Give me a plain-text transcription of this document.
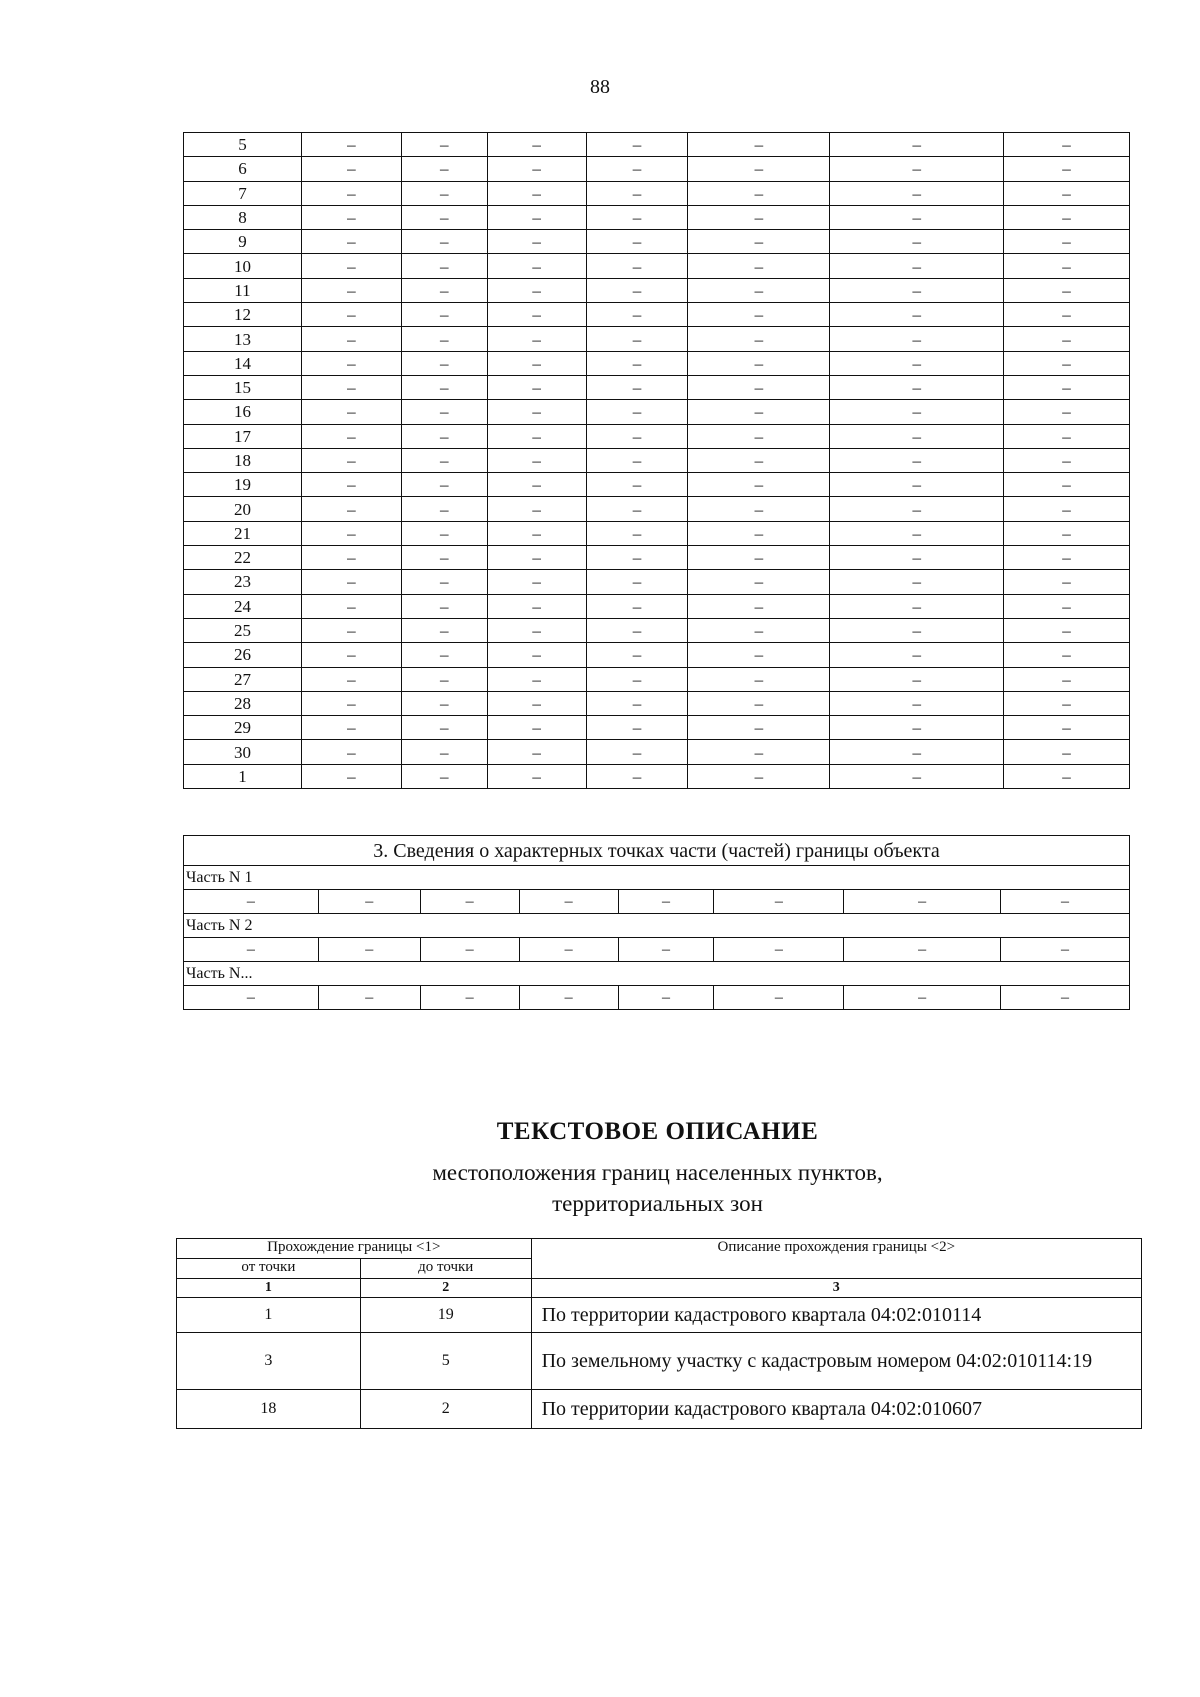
88
5	–	–	–	–	–	–	–
6	–	–	–	–	–	–	–
7	–	–	–	–	–	–	–
8	–	–	–	–	–	–	–
9	–	–	–	–	–	–	–
10	–	–	–	–	–	–	–
11	–	–	–	–	–	–	–
12	–	–	–	–	–	–	–
13	–	–	–	–	–	–	–
14	–	–	–	–	–	–	–
15	–	–	–	–	–	–	–
16	–	–	–	–	–	–	–
17	–	–	–	–	–	–	–
18	–	–	–	–	–	–	–
19	–	–	–	–	–	–	–
20	–	–	–	–	–	–	–
21	–	–	–	–	–	–	–
22	–	–	–	–	–	–	–
23	–	–	–	–	–	–	–
24	–	–	–	–	–	–	–
25	–	–	–	–	–	–	–
26	–	–	–	–	–	–	–
27	–	–	–	–	–	–	–
28	–	–	–	–	–	–	–
29	–	–	–	–	–	–	–
30	–	–	–	–	–	–	–
1	–	–	–	–	–	–	–
3. Сведения о характерных точках части (частей) границы объекта							
Часть N 1							
–	–	–	–	–	–	–	–
Часть N 2							
–	–	–	–	–	–	–	–
Часть N...							
–	–	–	–	–	–	–	–
ТЕКСТОВОЕ ОПИСАНИЕ
местоположения границ населенных пунктов,
территориальных зон
Прохождение границы <1>		Описание прохождения границы <2>
от точки	до точки	
1	2	3
1	19	По территории кадастрового квартала 04:02:010114
3	5	По земельному участку с кадастровым номером 04:02:010114:19
18	2	По территории кадастрового квартала 04:02:010607
